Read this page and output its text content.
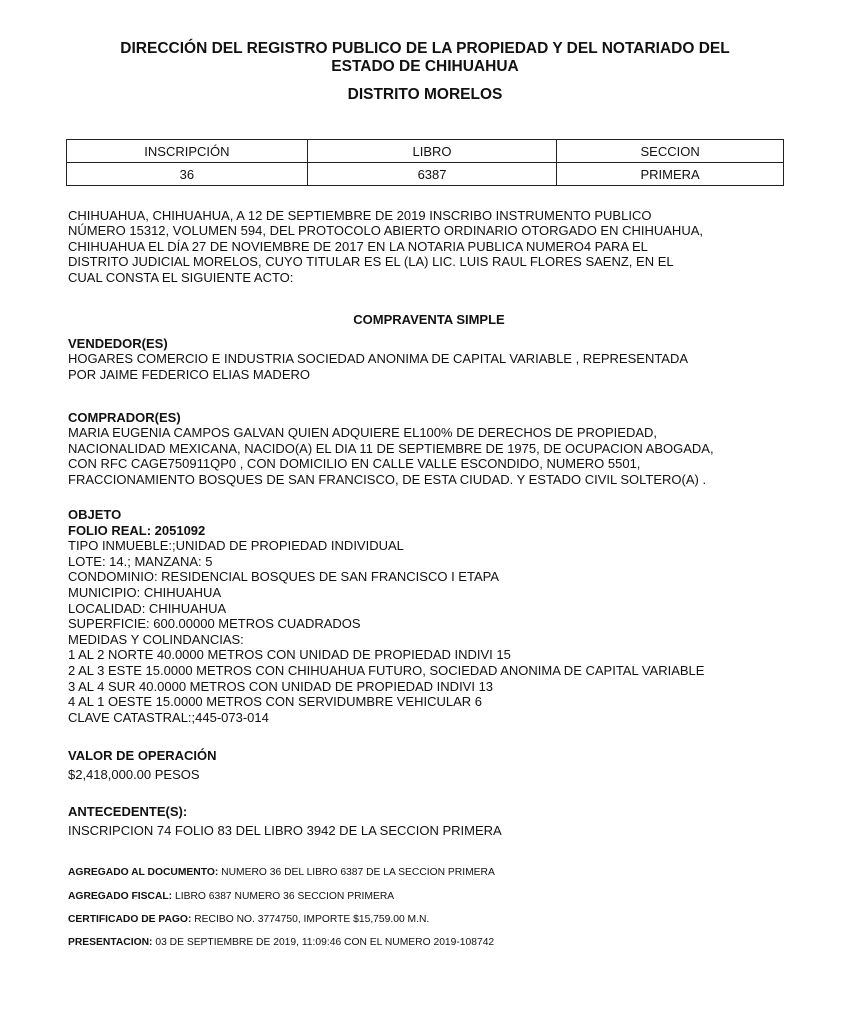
DIRECCIÓN DEL REGISTRO PUBLICO DE LA PROPIEDAD Y DEL NOTARIADO DEL
ESTADO DE CHIHUAHUA
DISTRITO MORELOS
INSCRIPCIÓN	LIBRO	SECCION
36	6387	PRIMERA
CHIHUAHUA, CHIHUAHUA, A 12 DE SEPTIEMBRE DE 2019 INSCRIBO INSTRUMENTO PUBLICO
NÚMERO 15312, VOLUMEN 594, DEL PROTOCOLO ABIERTO ORDINARIO OTORGADO EN CHIHUAHUA,
CHIHUAHUA EL DÍA 27 DE NOVIEMBRE DE 2017 EN LA NOTARIA PUBLICA NUMERO4 PARA EL
DISTRITO JUDICIAL MORELOS, CUYO TITULAR ES EL (LA) LIC. LUIS RAUL FLORES SAENZ, EN EL
CUAL CONSTA EL SIGUIENTE ACTO:
COMPRAVENTA SIMPLE
VENDEDOR(ES)
HOGARES COMERCIO E INDUSTRIA SOCIEDAD ANONIMA DE CAPITAL VARIABLE , REPRESENTADA
POR JAIME FEDERICO ELIAS MADERO
COMPRADOR(ES)
MARIA EUGENIA CAMPOS GALVAN QUIEN ADQUIERE EL100% DE DERECHOS DE PROPIEDAD,
NACIONALIDAD MEXICANA, NACIDO(A) EL DIA 11 DE SEPTIEMBRE DE 1975, DE OCUPACION ABOGADA,
CON RFC CAGE750911QP0 , CON DOMICILIO EN CALLE VALLE ESCONDIDO, NUMERO 5501,
FRACCIONAMIENTO BOSQUES DE SAN FRANCISCO, DE ESTA CIUDAD. Y ESTADO CIVIL SOLTERO(A) .
OBJETO
FOLIO REAL: 2051092
TIPO INMUEBLE:;UNIDAD DE PROPIEDAD INDIVIDUAL
LOTE: 14.; MANZANA: 5
CONDOMINIO: RESIDENCIAL BOSQUES DE SAN FRANCISCO I ETAPA
MUNICIPIO: CHIHUAHUA
LOCALIDAD: CHIHUAHUA
SUPERFICIE: 600.00000 METROS CUADRADOS
MEDIDAS Y COLINDANCIAS:
1 AL 2 NORTE 40.0000 METROS CON UNIDAD DE PROPIEDAD INDIVI 15
2 AL 3 ESTE 15.0000 METROS CON CHIHUAHUA FUTURO, SOCIEDAD ANONIMA DE CAPITAL VARIABLE
3 AL 4 SUR 40.0000 METROS CON UNIDAD DE PROPIEDAD INDIVI 13
4 AL 1 OESTE 15.0000 METROS CON SERVIDUMBRE VEHICULAR 6
CLAVE CATASTRAL:;445-073-014
VALOR DE OPERACIÓN
$2,418,000.00 PESOS
ANTECEDENTE(S):
INSCRIPCION 74 FOLIO 83 DEL LIBRO 3942 DE LA SECCION PRIMERA
AGREGADO AL DOCUMENTO: NUMERO 36 DEL LIBRO 6387 DE LA SECCION PRIMERA
AGREGADO FISCAL: LIBRO 6387 NUMERO 36 SECCION PRIMERA
CERTIFICADO DE PAGO: RECIBO NO. 3774750, IMPORTE $15,759.00 M.N.
PRESENTACION: 03 DE SEPTIEMBRE DE 2019, 11:09:46 CON EL NUMERO 2019-108742
